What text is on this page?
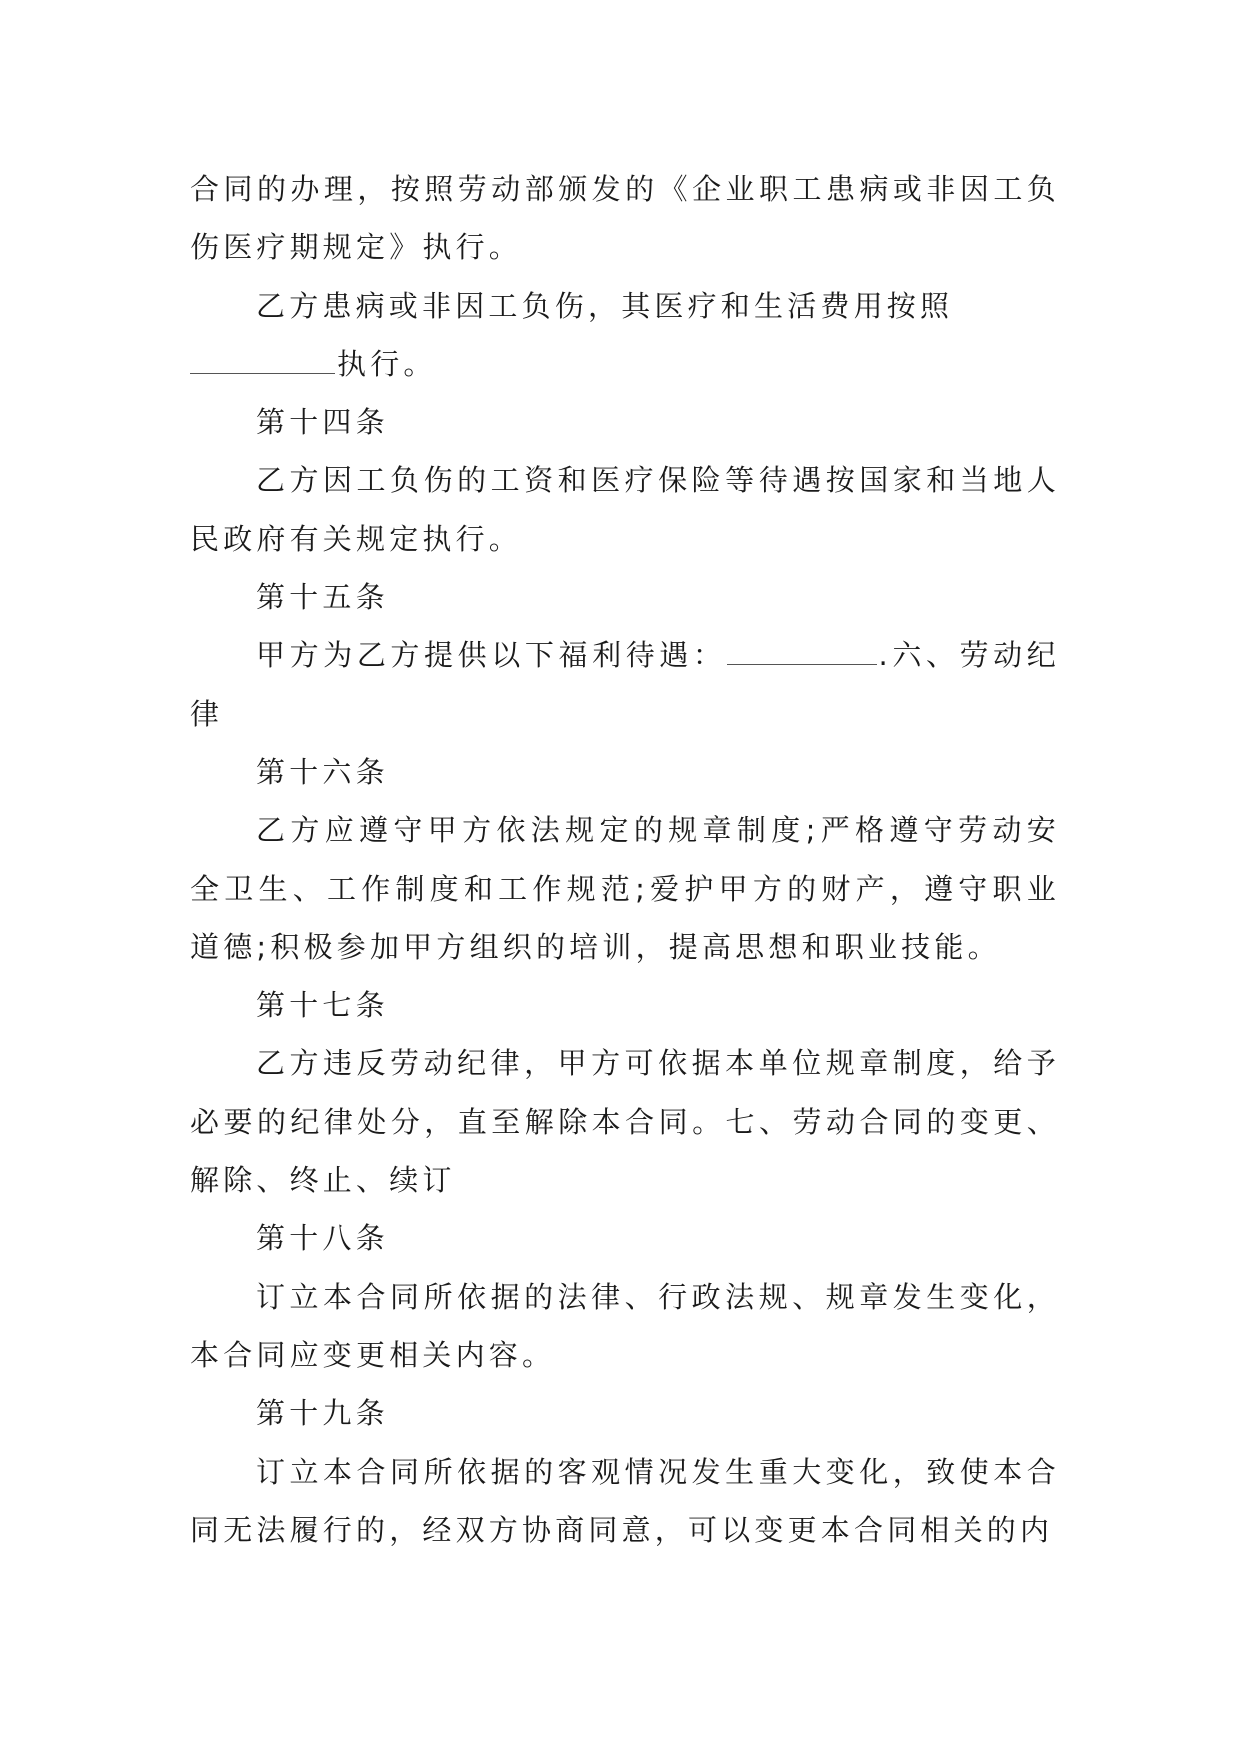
合同的办理，按照劳动部颁发的《企业职工患病或非因工负伤医疗期规定》执行。

乙方患病或非因工负伤，其医疗和生活费用按照
执行。

第十四条

乙方因工负伤的工资和医疗保险等待遇按国家和当地人民政府有关规定执行。

第十五条

甲方为乙方提供以下福利待遇：	.六、劳动纪律

第十六条

乙方应遵守甲方依法规定的规章制度;严格遵守劳动安全卫生、工作制度和工作规范;爱护甲方的财产，遵守职业道德;积极参加甲方组织的培训，提高思想和职业技能。

第十七条

乙方违反劳动纪律，甲方可依据本单位规章制度，给予必要的纪律处分，直至解除本合同。七、劳动合同的变更、解除、终止、续订

第十八条

订立本合同所依据的法律、行政法规、规章发生变化，本合同应变更相关内容。

第十九条

订立本合同所依据的客观情况发生重大变化，致使本合同无法履行的，经双方协商同意，可以变更本合同相关的内
